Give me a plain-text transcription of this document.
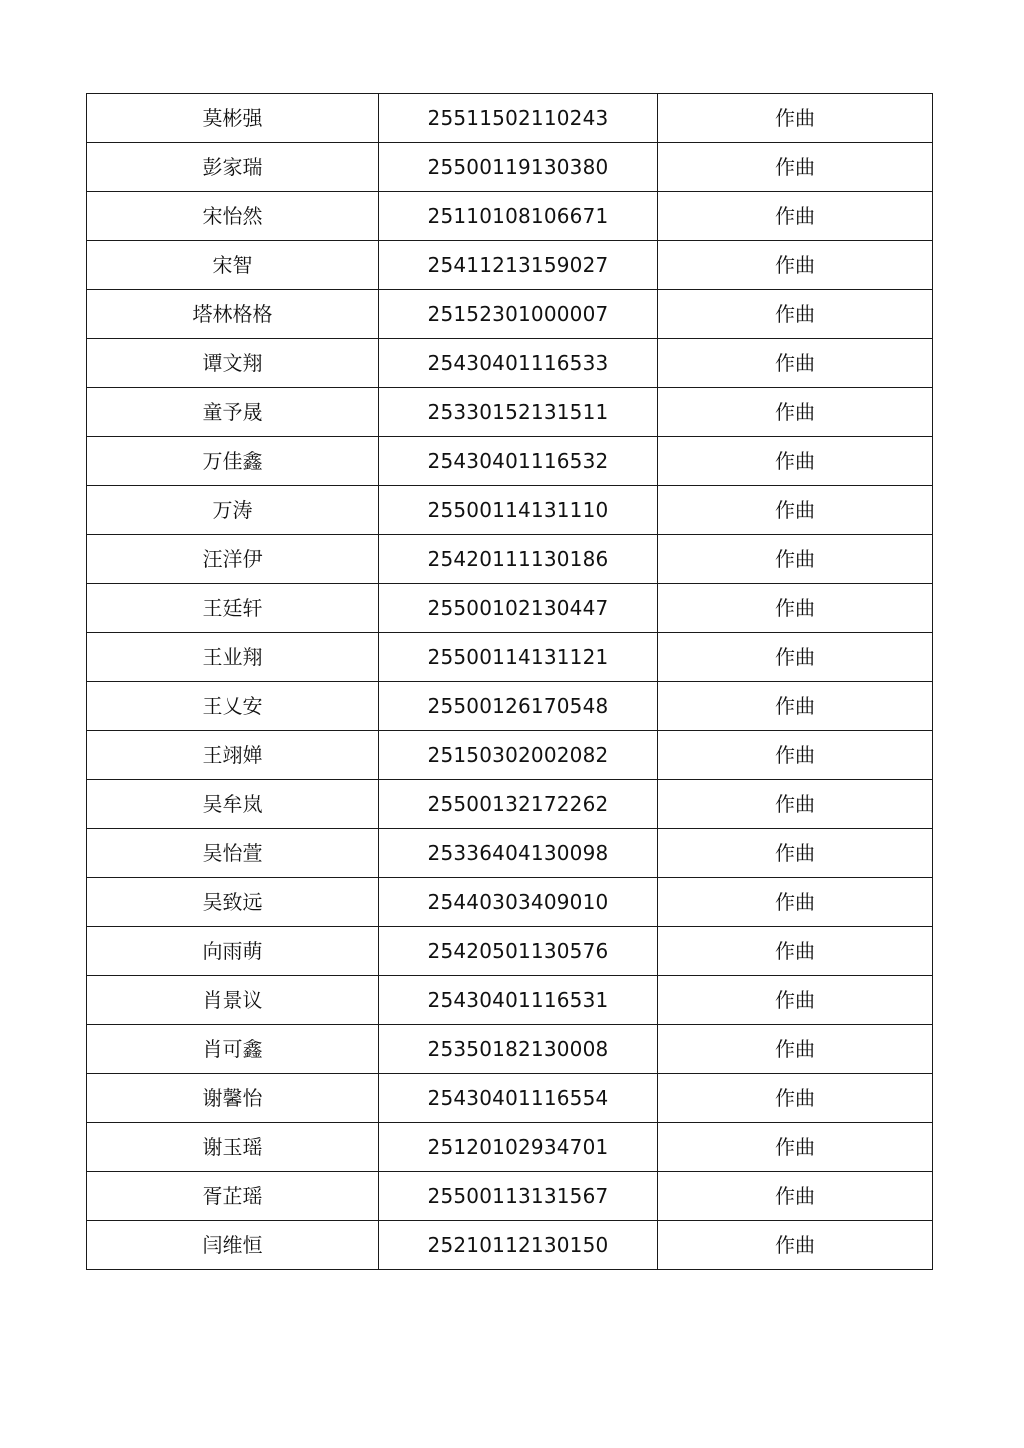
莫彬强	25511502110243	作曲
彭家瑞	25500119130380	作曲
宋怡然	25110108106671	作曲
宋智	25411213159027	作曲
塔林格格	25152301000007	作曲
谭文翔	25430401116533	作曲
童予晟	25330152131511	作曲
万佳鑫	25430401116532	作曲
万涛	25500114131110	作曲
汪洋伊	25420111130186	作曲
王廷轩	25500102130447	作曲
王业翔	25500114131121	作曲
王乂安	25500126170548	作曲
王翊婵	25150302002082	作曲
吴牟岚	25500132172262	作曲
吴怡萱	25336404130098	作曲
吴致远	25440303409010	作曲
向雨萌	25420501130576	作曲
肖景议	25430401116531	作曲
肖可鑫	25350182130008	作曲
谢馨怡	25430401116554	作曲
谢玉瑶	25120102934701	作曲
胥芷瑶	25500113131567	作曲
闫维恒	25210112130150	作曲
